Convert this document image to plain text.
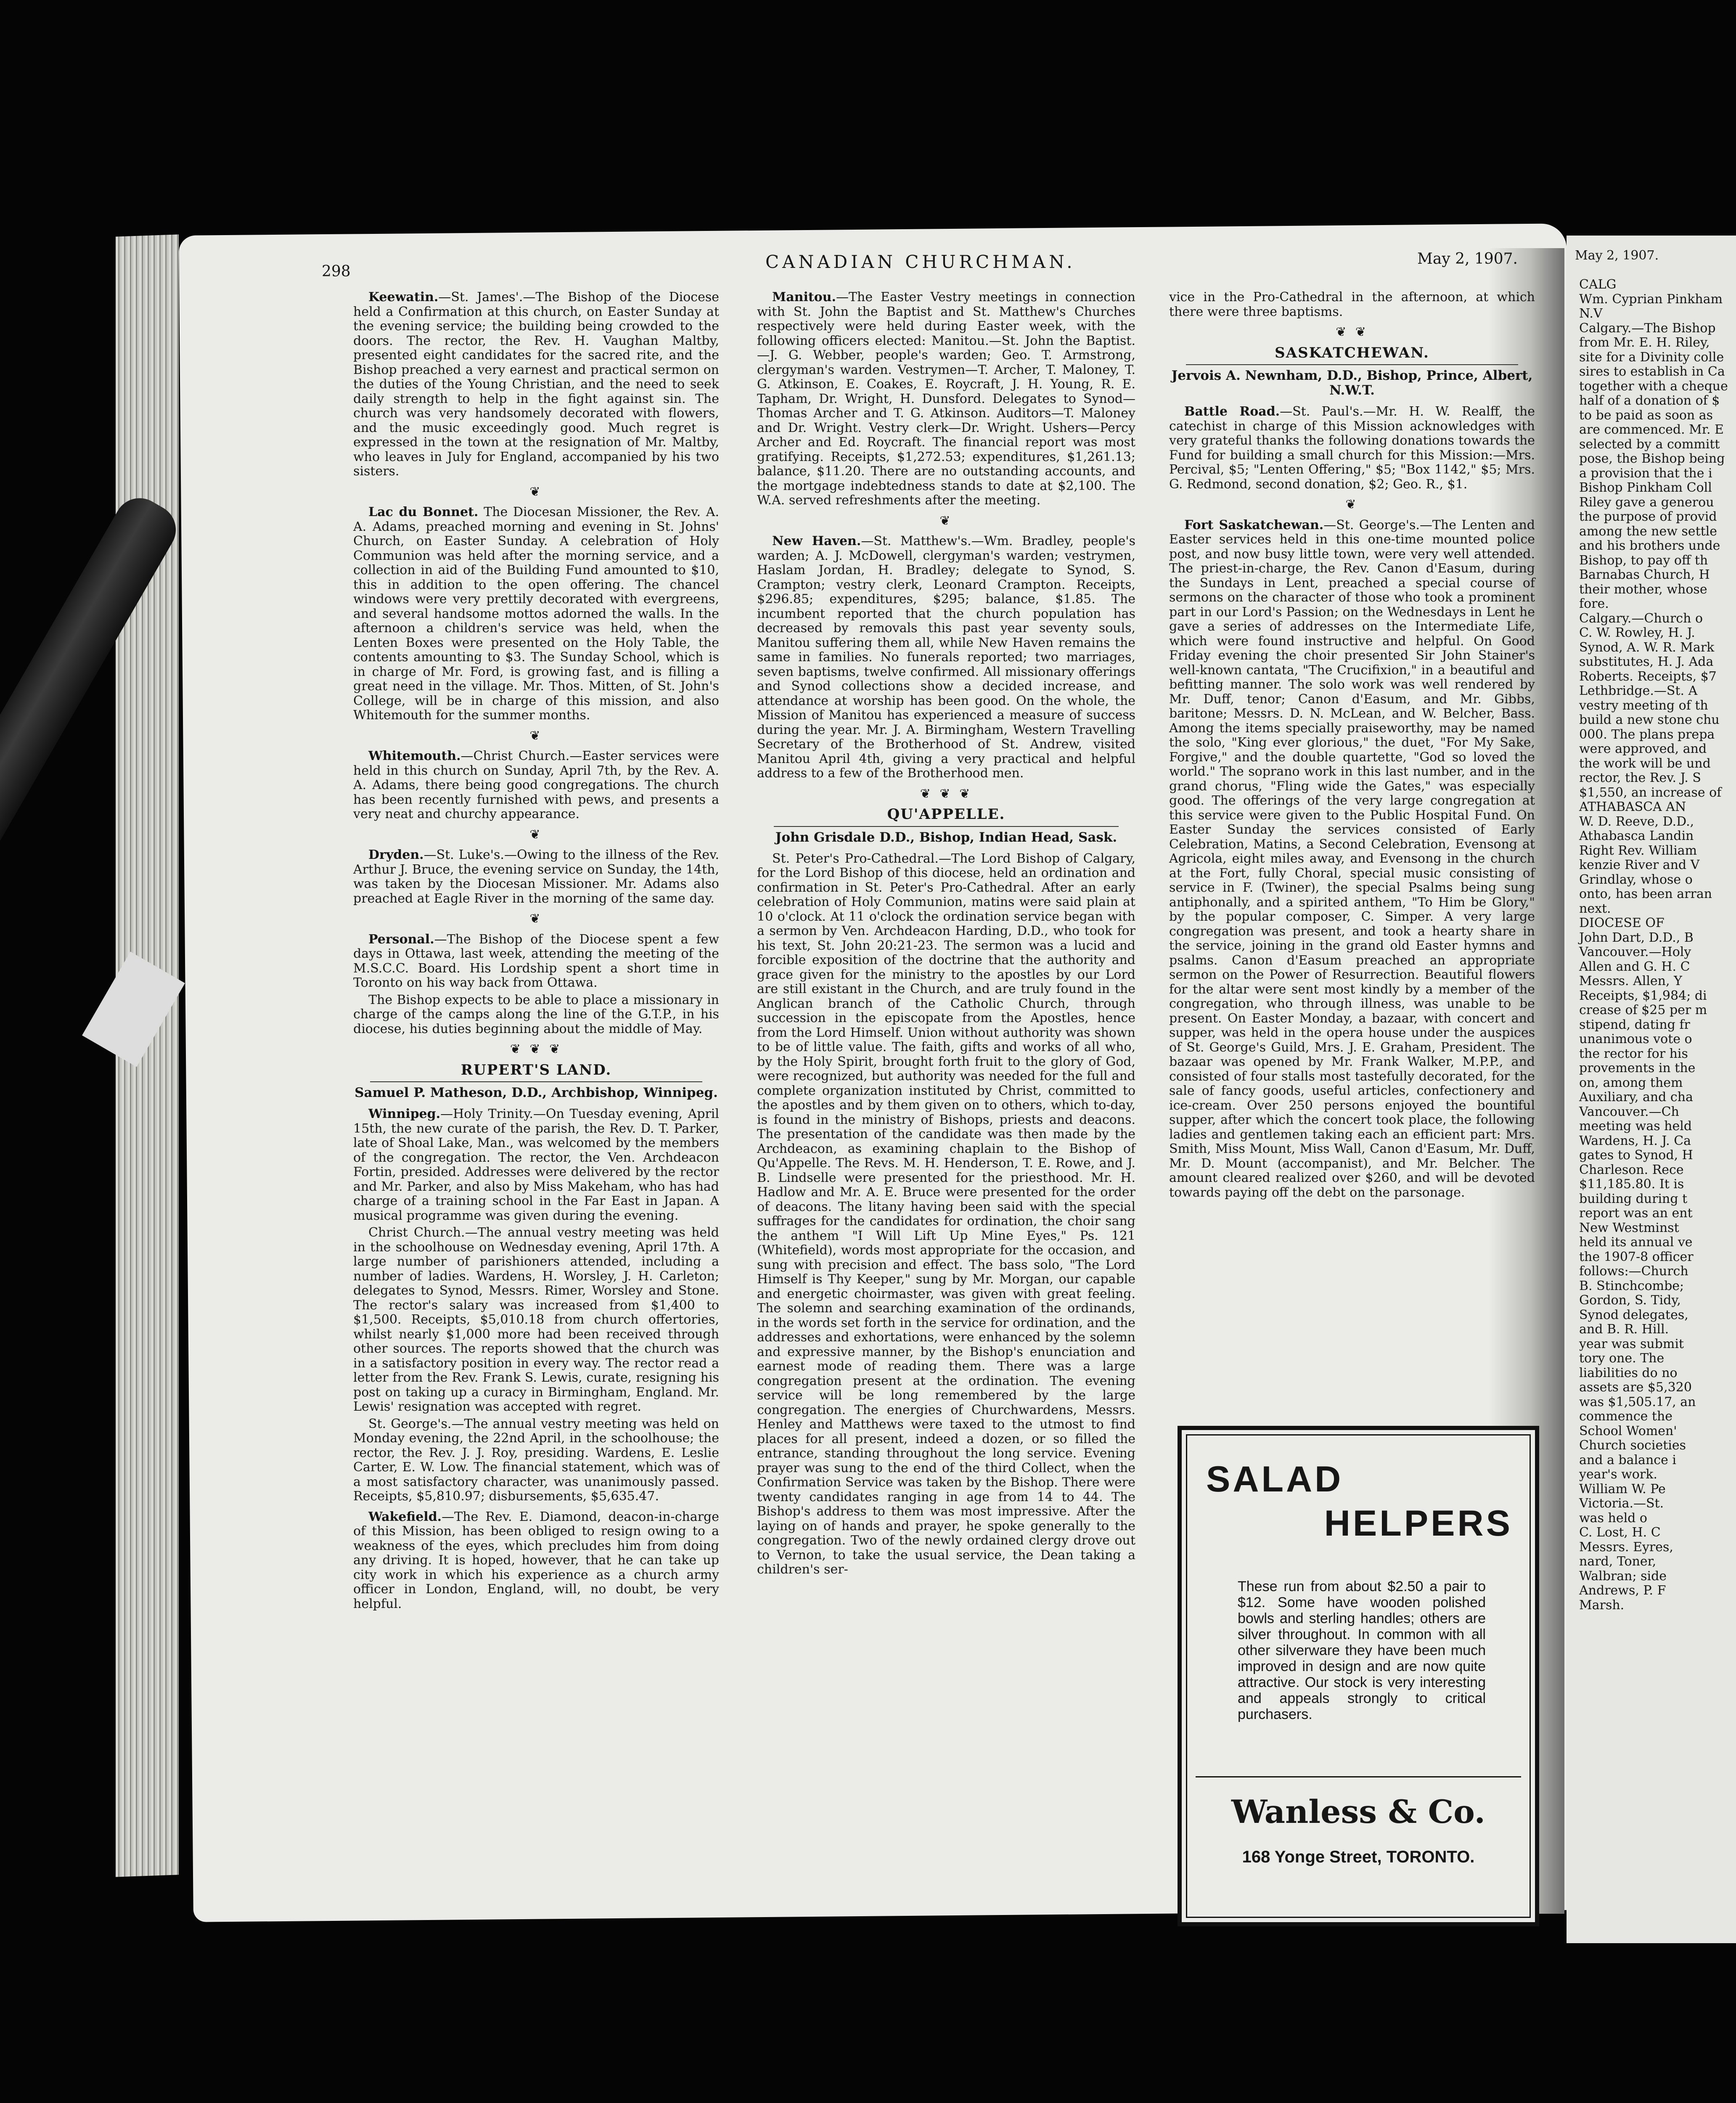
298	CANADIAN CHURCHMAN.	May 2, 1907.

Keewatin.—St. James'.—The Bishop of the Diocese held a Confirmation at this church, on Easter Sunday at the evening service; the building being crowded to the doors. The rector, the Rev. H. Vaughan Maltby, presented eight candidates for the sacred rite, and the Bishop preached a very earnest and practical sermon on the duties of the Young Christian, and the need to seek daily strength to help in the fight against sin. The church was very handsomely decorated with flowers, and the music exceedingly good. Much regret is expressed in the town at the resignation of Mr. Maltby, who leaves in July for England, accompanied by his two sisters.

❦

Lac du Bonnet. The Diocesan Missioner, the Rev. A. A. Adams, preached morning and evening in St. Johns' Church, on Easter Sunday. A celebration of Holy Communion was held after the morning service, and a collection in aid of the Building Fund amounted to $10, this in addition to the open offering. The chancel windows were very prettily decorated with evergreens, and several handsome mottos adorned the walls. In the afternoon a children's service was held, when the Lenten Boxes were presented on the Holy Table, the contents amounting to $3. The Sunday School, which is in charge of Mr. Ford, is growing fast, and is filling a great need in the village. Mr. Thos. Mitten, of St. John's College, will be in charge of this mission, and also Whitemouth for the summer months.

❦

Whitemouth.—Christ Church.—Easter services were held in this church on Sunday, April 7th, by the Rev. A. A. Adams, there being good congregations. The church has been recently furnished with pews, and presents a very neat and churchy appearance.

❦

Dryden.—St. Luke's.—Owing to the illness of the Rev. Arthur J. Bruce, the evening service on Sunday, the 14th, was taken by the Diocesan Missioner. Mr. Adams also preached at Eagle River in the morning of the same day.

❦

Personal.—The Bishop of the Diocese spent a few days in Ottawa, last week, attending the meeting of the M.S.C.C. Board. His Lordship spent a short time in Toronto on his way back from Ottawa.

The Bishop expects to be able to place a missionary in charge of the camps along the line of the G.T.P., in his diocese, his duties beginning about the middle of May.

❦ ❦ ❦
RUPERT'S LAND.
Samuel P. Matheson, D.D., Archbishop, Winnipeg.

Winnipeg.—Holy Trinity.—On Tuesday evening, April 15th, the new curate of the parish, the Rev. D. T. Parker, late of Shoal Lake, Man., was welcomed by the members of the congregation. The rector, the Ven. Archdeacon Fortin, presided. Addresses were delivered by the rector and Mr. Parker, and also by Miss Makeham, who has had charge of a training school in the Far East in Japan. A musical programme was given during the evening.

Christ Church.—The annual vestry meeting was held in the schoolhouse on Wednesday evening, April 17th. A large number of parishioners attended, including a number of ladies. Wardens, H. Worsley, J. H. Carleton; delegates to Synod, Messrs. Rimer, Worsley and Stone. The rector's salary was increased from $1,400 to $1,500. Receipts, $5,010.18 from church offertories, whilst nearly $1,000 more had been received through other sources. The reports showed that the church was in a satisfactory position in every way. The rector read a letter from the Rev. Frank S. Lewis, curate, resigning his post on taking up a curacy in Birmingham, England. Mr. Lewis' resignation was accepted with regret.

St. George's.—The annual vestry meeting was held on Monday evening, the 22nd April, in the schoolhouse; the rector, the Rev. J. J. Roy, presiding. Wardens, E. Leslie Carter, E. W. Low. The financial statement, which was of a most satisfactory character, was unanimously passed. Receipts, $5,810.97; disbursements, $5,635.47.

Wakefield.—The Rev. E. Diamond, deacon-in-charge of this Mission, has been obliged to resign owing to a weakness of the eyes, which precludes him from doing any driving. It is hoped, however, that he can take up city work in which his experience as a church army officer in London, England, will, no doubt, be very helpful.

Manitou.—The Easter Vestry meetings in connection with St. John the Baptist and St. Matthew's Churches respectively were held during Easter week, with the following officers elected: Manitou.—St. John the Baptist.—J. G. Webber, people's warden; Geo. T. Armstrong, clergyman's warden. Vestrymen—T. Archer, T. Maloney, T. G. Atkinson, E. Coakes, E. Roycraft, J. H. Young, R. E. Tapham, Dr. Wright, H. Dunsford. Delegates to Synod—Thomas Archer and T. G. Atkinson. Auditors—T. Maloney and Dr. Wright. Vestry clerk—Dr. Wright. Ushers—Percy Archer and Ed. Roycraft. The financial report was most gratifying. Receipts, $1,272.53; expenditures, $1,261.13; balance, $11.20. There are no outstanding accounts, and the mortgage indebtedness stands to date at $2,100. The W.A. served refreshments after the meeting.

❦

New Haven.—St. Matthew's.—Wm. Bradley, people's warden; A. J. McDowell, clergyman's warden; vestrymen, Haslam Jordan, H. Bradley; delegate to Synod, S. Crampton; vestry clerk, Leonard Crampton. Receipts, $296.85; expenditures, $295; balance, $1.85. The incumbent reported that the church population has decreased by removals this past year seventy souls, Manitou suffering them all, while New Haven remains the same in families. No funerals reported; two marriages, seven baptisms, twelve confirmed. All missionary offerings and Synod collections show a decided increase, and attendance at worship has been good. On the whole, the Mission of Manitou has experienced a measure of success during the year. Mr. J. A. Birmingham, Western Travelling Secretary of the Brotherhood of St. Andrew, visited Manitou April 4th, giving a very practical and helpful address to a few of the Brotherhood men.

❦ ❦ ❦
QU'APPELLE.
John Grisdale D.D., Bishop, Indian Head, Sask.

St. Peter's Pro-Cathedral.—The Lord Bishop of Calgary, for the Lord Bishop of this diocese, held an ordination and confirmation in St. Peter's Pro-Cathedral. After an early celebration of Holy Communion, matins were said plain at 10 o'clock. At 11 o'clock the ordination service began with a sermon by Ven. Archdeacon Harding, D.D., who took for his text, St. John 20:21-23. The sermon was a lucid and forcible exposition of the doctrine that the authority and grace given for the ministry to the apostles by our Lord are still existant in the Church, and are truly found in the Anglican branch of the Catholic Church, through succession in the episcopate from the Apostles, hence from the Lord Himself. Union without authority was shown to be of little value. The faith, gifts and works of all who, by the Holy Spirit, brought forth fruit to the glory of God, were recognized, but authority was needed for the full and complete organization instituted by Christ, committed to the apostles and by them given on to others, which to-day, is found in the ministry of Bishops, priests and deacons. The presentation of the candidate was then made by the Archdeacon, as examining chaplain to the Bishop of Qu'Appelle. The Revs. M. H. Henderson, T. E. Rowe, and J. B. Lindselle were presented for the priesthood. Mr. H. Hadlow and Mr. A. E. Bruce were presented for the order of deacons. The litany having been said with the special suffrages for the candidates for ordination, the choir sang the anthem "I Will Lift Up Mine Eyes," Ps. 121 (Whitefield), words most appropriate for the occasion, and sung with precision and effect. The bass solo, "The Lord Himself is Thy Keeper," sung by Mr. Morgan, our capable and energetic choirmaster, was given with great feeling. The solemn and searching examination of the ordinands, in the words set forth in the service for ordination, and the addresses and exhortations, were enhanced by the solemn and expressive manner, by the Bishop's enunciation and earnest mode of reading them. There was a large congregation present at the ordination. The evening service will be long remembered by the large congregation. The energies of Churchwardens, Messrs. Henley and Matthews were taxed to the utmost to find places for all present, indeed a dozen, or so filled the entrance, standing throughout the long service. Evening prayer was sung to the end of the third Collect, when the Confirmation Service was taken by the Bishop. There were twenty candidates ranging in age from 14 to 44. The Bishop's address to them was most impressive. After the laying on of hands and prayer, he spoke generally to the congregation. Two of the newly ordained clergy drove out to Vernon, to take the usual service, the Dean taking a children's ser-

vice in the Pro-Cathedral in the afternoon, at which there were three baptisms.

❦ ❦
SASKATCHEWAN.
Jervois A. Newnham, D.D., Bishop, Prince, Albert, N.W.T.

Battle Road.—St. Paul's.—Mr. H. W. Realff, the catechist in charge of this Mission acknowledges with very grateful thanks the following donations towards the Fund for building a small church for this Mission:—Mrs. Percival, $5; "Lenten Offering," $5; "Box 1142," $5; Mrs. G. Redmond, second donation, $2; Geo. R., $1.

❦

Fort Saskatchewan.—St. George's.—The Lenten and Easter services held in this one-time mounted police post, and now busy little town, were very well attended. The priest-in-charge, the Rev. Canon d'Easum, during the Sundays in Lent, preached a special course of sermons on the character of those who took a prominent part in our Lord's Passion; on the Wednesdays in Lent he gave a series of addresses on the Intermediate Life, which were found instructive and helpful. On Good Friday evening the choir presented Sir John Stainer's well-known cantata, "The Crucifixion," in a beautiful and befitting manner. The solo work was well rendered by Mr. Duff, tenor; Canon d'Easum, and Mr. Gibbs, baritone; Messrs. D. N. McLean, and W. Belcher, Bass. Among the items specially praiseworthy, may be named the solo, "King ever glorious," the duet, "For My Sake, Forgive," and the double quartette, "God so loved the world." The soprano work in this last number, and in the grand chorus, "Fling wide the Gates," was especially good. The offerings of the very large congregation at this service were given to the Public Hospital Fund. On Easter Sunday the services consisted of Early Celebration, Matins, a Second Celebration, Evensong at Agricola, eight miles away, and Evensong in the church at the Fort, fully Choral, special music consisting of service in F. (Twiner), the special Psalms being sung antiphonally, and a spirited anthem, "To Him be Glory," by the popular composer, C. Simper. A very large congregation was present, and took a hearty share in the service, joining in the grand old Easter hymns and psalms. Canon d'Easum preached an appropriate sermon on the Power of Resurrection. Beautiful flowers for the altar were sent most kindly by a member of the congregation, who through illness, was unable to be present. On Easter Monday, a bazaar, with concert and supper, was held in the opera house under the auspices of St. George's Guild, Mrs. J. E. Graham, President. The bazaar was opened by Mr. Frank Walker, M.P.P., and consisted of four stalls most tastefully decorated, for the sale of fancy goods, useful articles, confectionery and ice-cream. Over 250 persons enjoyed the bountiful supper, after which the concert took place, the following ladies and gentlemen taking each an efficient part: Mrs. Smith, Miss Mount, Miss Wall, Canon d'Easum, Mr. Duff, Mr. D. Mount (accompanist), and Mr. Belcher. The amount cleared realized over $260, and will be devoted towards paying off the debt on the parsonage.

SALAD
HELPERS
These run from about $2.50 a pair to $12. Some have wooden polished bowls and sterling handles; others are silver throughout. In common with all other silverware they have been much improved in design and are now quite attractive. Our stock is very interesting and appeals strongly to critical purchasers.
Wanless & Co.
168 Yonge Street, TORONTO.
May 2, 1907.
CALG
Wm. Cyprian Pinkham
N.V
Calgary.—The Bishop
from Mr. E. H. Riley,
site for a Divinity colle
sires to establish in Ca
together with a cheque
half of a donation of $
to be paid as soon as
are commenced. Mr. E
selected by a committ
pose, the Bishop being
a provision that the i
Bishop Pinkham Coll
Riley gave a generou
the purpose of provid
among the new settle
and his brothers unde
Bishop, to pay off th
Barnabas Church, H
their mother, whose
fore.
Calgary.—Church o
C. W. Rowley, H. J.
Synod, A. W. R. Mark
substitutes, H. J. Ada
Roberts. Receipts, $7
Lethbridge.—St. A
vestry meeting of th
build a new stone chu
000. The plans prepa
were approved, and
the work will be und
rector, the Rev. J. S
$1,550, an increase of
ATHABASCA AN
W. D. Reeve, D.D.,
Athabasca Landin
Right Rev. William
kenzie River and V
Grindlay, whose o
onto, has been arran
next.
DIOCESE OF
John Dart, D.D., B
Vancouver.—Holy
Allen and G. H. C
Messrs. Allen, Y
Receipts, $1,984; di
crease of $25 per m
stipend, dating fr
unanimous vote o
the rector for his
provements in the
on, among them
Auxiliary, and cha
Vancouver.—Ch
meeting was held
Wardens, H. J. Ca
gates to Synod, H
Charleson. Rece
$11,185.80. It is
building during t
report was an ent
New Westminst
held its annual ve
the 1907-8 officer
follows:—Church
B. Stinchcombe;
Gordon, S. Tidy,
Synod delegates,
and B. R. Hill.
year was submit
tory one. The
liabilities do no
assets are $5,320
was $1,505.17, an
commence the
School Women'
Church societies
and a balance i
year's work.
William W. Pe
Victoria.—St.
was held o
C. Lost, H. C
Messrs. Eyres,
nard, Toner,
Walbran; side
Andrews, P. F
Marsh.
